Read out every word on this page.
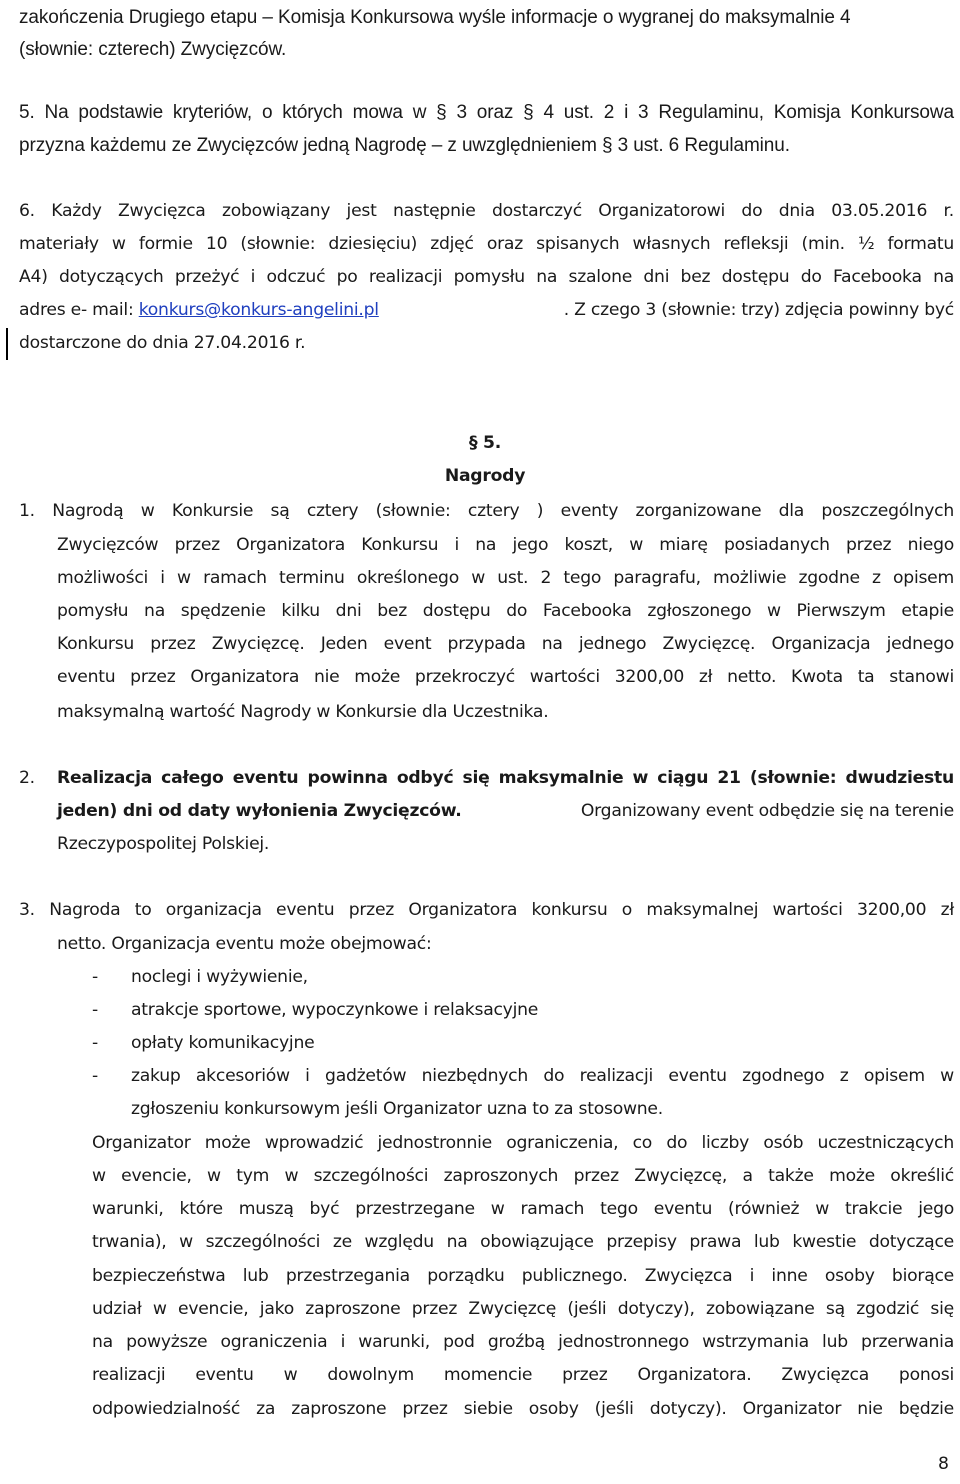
zakończenia Drugiego etapu – Komisja Konkursowa wyśle informacje o wygranej do maksymalnie 4
(słownie: czterech) Zwycięzców.
5. Na podstawie kryteriów, o których mowa w § 3 oraz § 4 ust. 2 i 3 Regulaminu, Komisja Konkursowa
przyzna każdemu ze Zwycięzców jedną Nagrodę – z uwzględnieniem § 3 ust. 6 Regulaminu.
6. Każdy Zwycięzca zobowiązany jest następnie dostarczyć Organizatorowi do dnia 03.05.2016 r.
materiały w formie 10 (słownie: dziesięciu) zdjęć oraz spisanych własnych refleksji (min. ½ formatu
A4) dotyczących przeżyć i odczuć po realizacji pomysłu na szalone dni bez dostępu do Facebooka na
adres e- mail: konkurs@konkurs-angelini.pl	. Z czego 3 (słownie: trzy) zdjęcia powinny być
dostarczone do dnia 27.04.2016 r.
§ 5.
Nagrody
1. Nagrodą w Konkursie są cztery (słownie: cztery ) eventy zorganizowane dla poszczególnych
Zwycięzców przez Organizatora Konkursu i na jego koszt, w miarę posiadanych przez niego
możliwości i w ramach terminu określonego w ust. 2 tego paragrafu, możliwie zgodne z opisem
pomysłu na spędzenie kilku dni bez dostępu do Facebooka zgłoszonego w Pierwszym etapie
Konkursu przez Zwycięzcę. Jeden event przypada na jednego Zwycięzcę. Organizacja jednego
eventu przez Organizatora nie może przekroczyć wartości 3200,00 zł netto. Kwota ta stanowi
maksymalną wartość Nagrody w Konkursie dla Uczestnika.
2. Realizacja całego eventu powinna odbyć się maksymalnie w ciągu 21 (słownie: dwudziestu
jeden) dni od daty wyłonienia Zwycięzców.	Organizowany event odbędzie się na terenie
Rzeczypospolitej Polskiej.
3. Nagroda to organizacja eventu przez Organizatora konkursu o maksymalnej wartości 3200,00 zł
netto. Organizacja eventu może obejmować:
- noclegi i wyżywienie,
- atrakcje sportowe, wypoczynkowe i relaksacyjne
- opłaty komunikacyjne
- zakup akcesoriów i gadżetów niezbędnych do realizacji eventu zgodnego z opisem w
zgłoszeniu konkursowym jeśli Organizator uzna to za stosowne.
Organizator może wprowadzić jednostronnie ograniczenia, co do liczby osób uczestniczących
w evencie, w tym w szczególności zaproszonych przez Zwycięzcę, a także może określić
warunki, które muszą być przestrzegane w ramach tego eventu (również w trakcie jego
trwania), w szczególności ze względu na obowiązujące przepisy prawa lub kwestie dotyczące
bezpieczeństwa lub przestrzegania porządku publicznego. Zwycięzca i inne osoby biorące
udział w evencie, jako zaproszone przez Zwycięzcę (jeśli dotyczy), zobowiązane są zgodzić się
na powyższe ograniczenia i warunki, pod groźbą jednostronnego wstrzymania lub przerwania
realizacji eventu w dowolnym momencie przez Organizatora. Zwycięzca ponosi
odpowiedzialność za zaproszone przez siebie osoby (jeśli dotyczy). Organizator nie będzie
8
